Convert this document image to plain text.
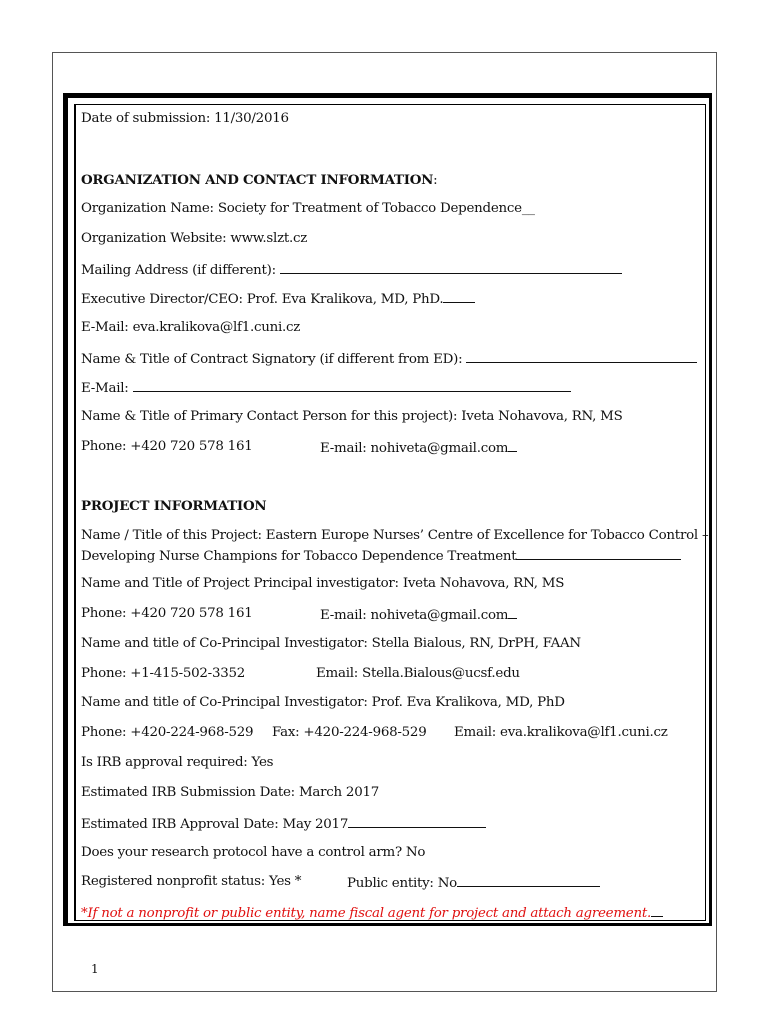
Date of submission: 11/30/2016
ORGANIZATION AND CONTACT INFORMATION:
Organization Name: Society for Treatment of Tobacco Dependence__
Organization Website: www.slzt.cz
Mailing Address (if different):
Executive Director/CEO: Prof. Eva Kralikova, MD, PhD.
E-Mail: eva.kralikova@lf1.cuni.cz
Name & Title of Contract Signatory (if different from ED):
E-Mail:
Name & Title of Primary Contact Person for this project): Iveta Nohavova, RN, MS
Phone: +420 720 578 161	E-mail: nohiveta@gmail.com
PROJECT INFORMATION
Name / Title of this Project: Eastern Europe Nurses’ Centre of Excellence for Tobacco Control –
Developing Nurse Champions for Tobacco Dependence Treatment
Name and Title of Project Principal investigator: Iveta Nohavova, RN, MS
Phone: +420 720 578 161	E-mail: nohiveta@gmail.com
Name and title of Co-Principal Investigator: Stella Bialous, RN, DrPH, FAAN
Phone: +1-415-502-3352	Email: Stella.Bialous@ucsf.edu
Name and title of Co-Principal Investigator: Prof. Eva Kralikova, MD, PhD
Phone: +420-224-968-529 Fax: +420-224-968-529 Email: eva.kralikova@lf1.cuni.cz
Is IRB approval required: Yes
Estimated IRB Submission Date: March 2017
Estimated IRB Approval Date: May 2017
Does your research protocol have a control arm? No
Registered nonprofit status: Yes *	Public entity: No
*If not a nonprofit or public entity, name fiscal agent for project and attach agreement.
1
